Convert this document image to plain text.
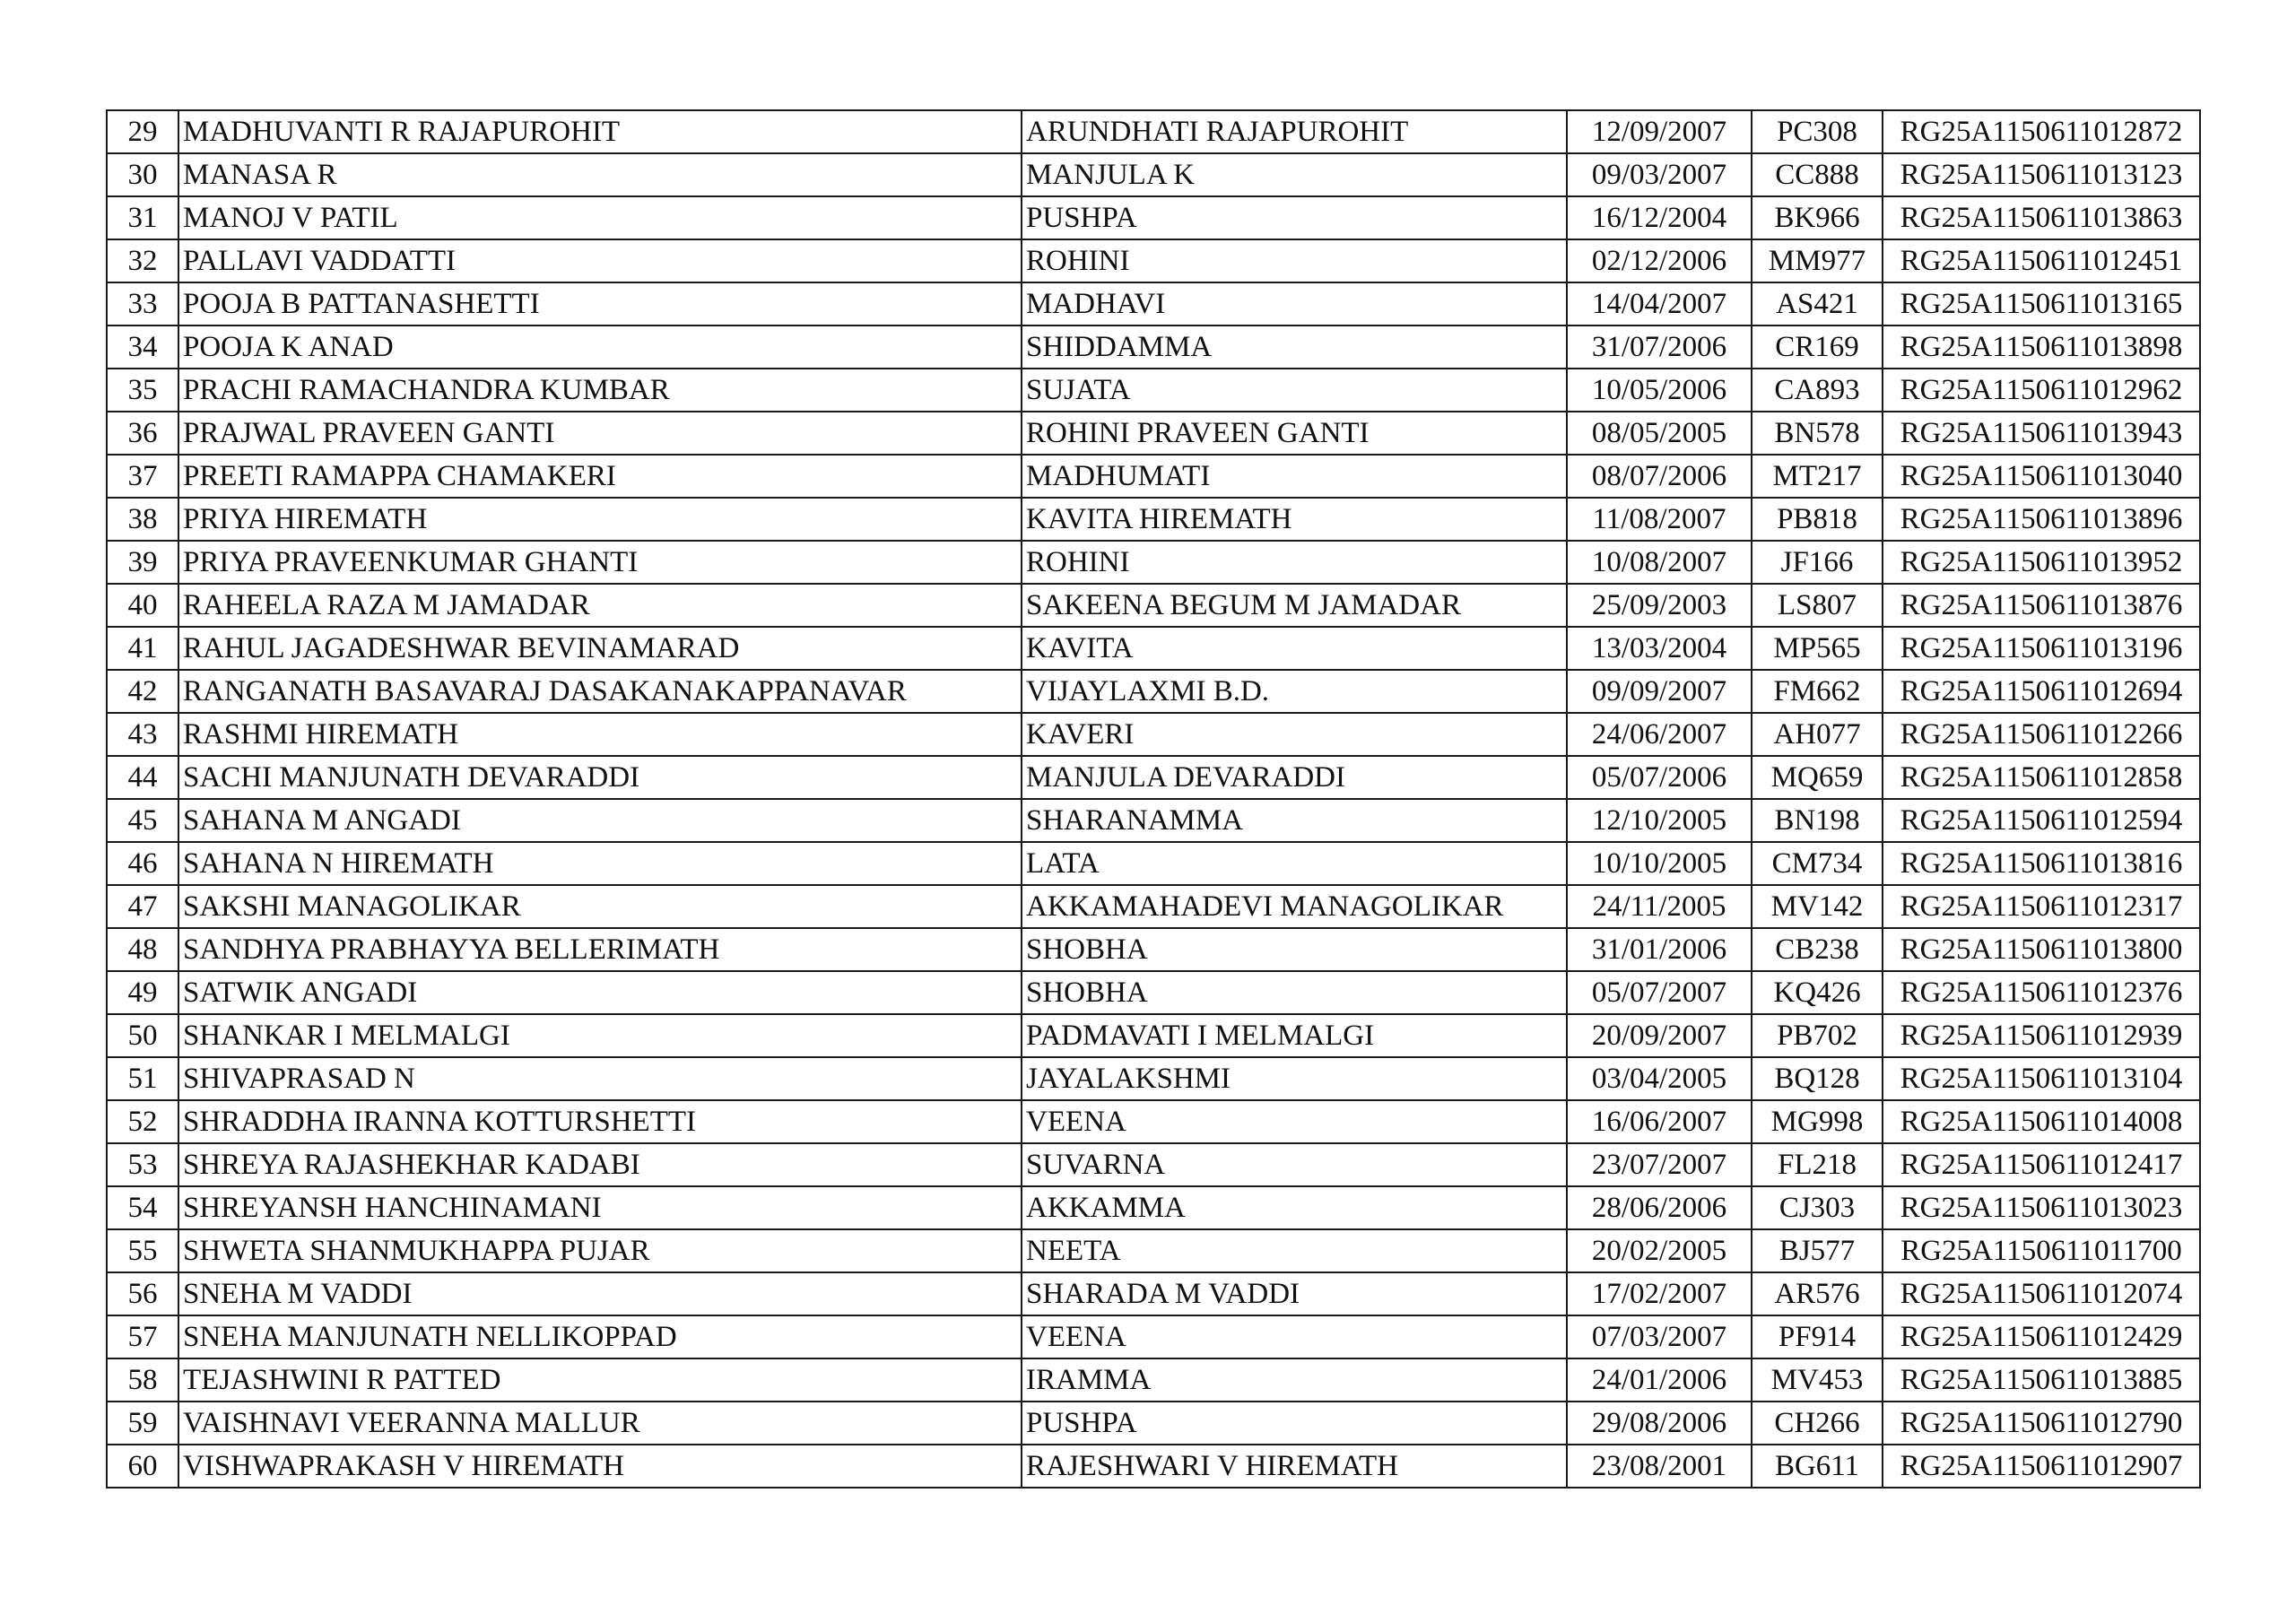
29	MADHUVANTI R RAJAPUROHIT	ARUNDHATI RAJAPUROHIT	12/09/2007	PC308	RG25A1150611012872
30	MANASA R	MANJULA K	09/03/2007	CC888	RG25A1150611013123
31	MANOJ V PATIL	PUSHPA	16/12/2004	BK966	RG25A1150611013863
32	PALLAVI VADDATTI	ROHINI	02/12/2006	MM977	RG25A1150611012451
33	POOJA B PATTANASHETTI	MADHAVI	14/04/2007	AS421	RG25A1150611013165
34	POOJA K ANAD	SHIDDAMMA	31/07/2006	CR169	RG25A1150611013898
35	PRACHI RAMACHANDRA KUMBAR	SUJATA	10/05/2006	CA893	RG25A1150611012962
36	PRAJWAL PRAVEEN GANTI	ROHINI PRAVEEN GANTI	08/05/2005	BN578	RG25A1150611013943
37	PREETI RAMAPPA CHAMAKERI	MADHUMATI	08/07/2006	MT217	RG25A1150611013040
38	PRIYA HIREMATH	KAVITA HIREMATH	11/08/2007	PB818	RG25A1150611013896
39	PRIYA PRAVEENKUMAR GHANTI	ROHINI	10/08/2007	JF166	RG25A1150611013952
40	RAHEELA RAZA M JAMADAR	SAKEENA BEGUM M JAMADAR	25/09/2003	LS807	RG25A1150611013876
41	RAHUL JAGADESHWAR BEVINAMARAD	KAVITA	13/03/2004	MP565	RG25A1150611013196
42	RANGANATH BASAVARAJ DASAKANAKAPPANAVAR	VIJAYLAXMI B.D.	09/09/2007	FM662	RG25A1150611012694
43	RASHMI HIREMATH	KAVERI	24/06/2007	AH077	RG25A1150611012266
44	SACHI MANJUNATH DEVARADDI	MANJULA DEVARADDI	05/07/2006	MQ659	RG25A1150611012858
45	SAHANA M ANGADI	SHARANAMMA	12/10/2005	BN198	RG25A1150611012594
46	SAHANA N HIREMATH	LATA	10/10/2005	CM734	RG25A1150611013816
47	SAKSHI MANAGOLIKAR	AKKAMAHADEVI MANAGOLIKAR	24/11/2005	MV142	RG25A1150611012317
48	SANDHYA PRABHAYYA BELLERIMATH	SHOBHA	31/01/2006	CB238	RG25A1150611013800
49	SATWIK ANGADI	SHOBHA	05/07/2007	KQ426	RG25A1150611012376
50	SHANKAR I MELMALGI	PADMAVATI I MELMALGI	20/09/2007	PB702	RG25A1150611012939
51	SHIVAPRASAD N	JAYALAKSHMI	03/04/2005	BQ128	RG25A1150611013104
52	SHRADDHA IRANNA KOTTURSHETTI	VEENA	16/06/2007	MG998	RG25A1150611014008
53	SHREYA RAJASHEKHAR KADABI	SUVARNA	23/07/2007	FL218	RG25A1150611012417
54	SHREYANSH HANCHINAMANI	AKKAMMA	28/06/2006	CJ303	RG25A1150611013023
55	SHWETA SHANMUKHAPPA PUJAR	NEETA	20/02/2005	BJ577	RG25A1150611011700
56	SNEHA M VADDI	SHARADA M VADDI	17/02/2007	AR576	RG25A1150611012074
57	SNEHA MANJUNATH NELLIKOPPAD	VEENA	07/03/2007	PF914	RG25A1150611012429
58	TEJASHWINI R PATTED	IRAMMA	24/01/2006	MV453	RG25A1150611013885
59	VAISHNAVI VEERANNA MALLUR	PUSHPA	29/08/2006	CH266	RG25A1150611012790
60	VISHWAPRAKASH V HIREMATH	RAJESHWARI V HIREMATH	23/08/2001	BG611	RG25A1150611012907
